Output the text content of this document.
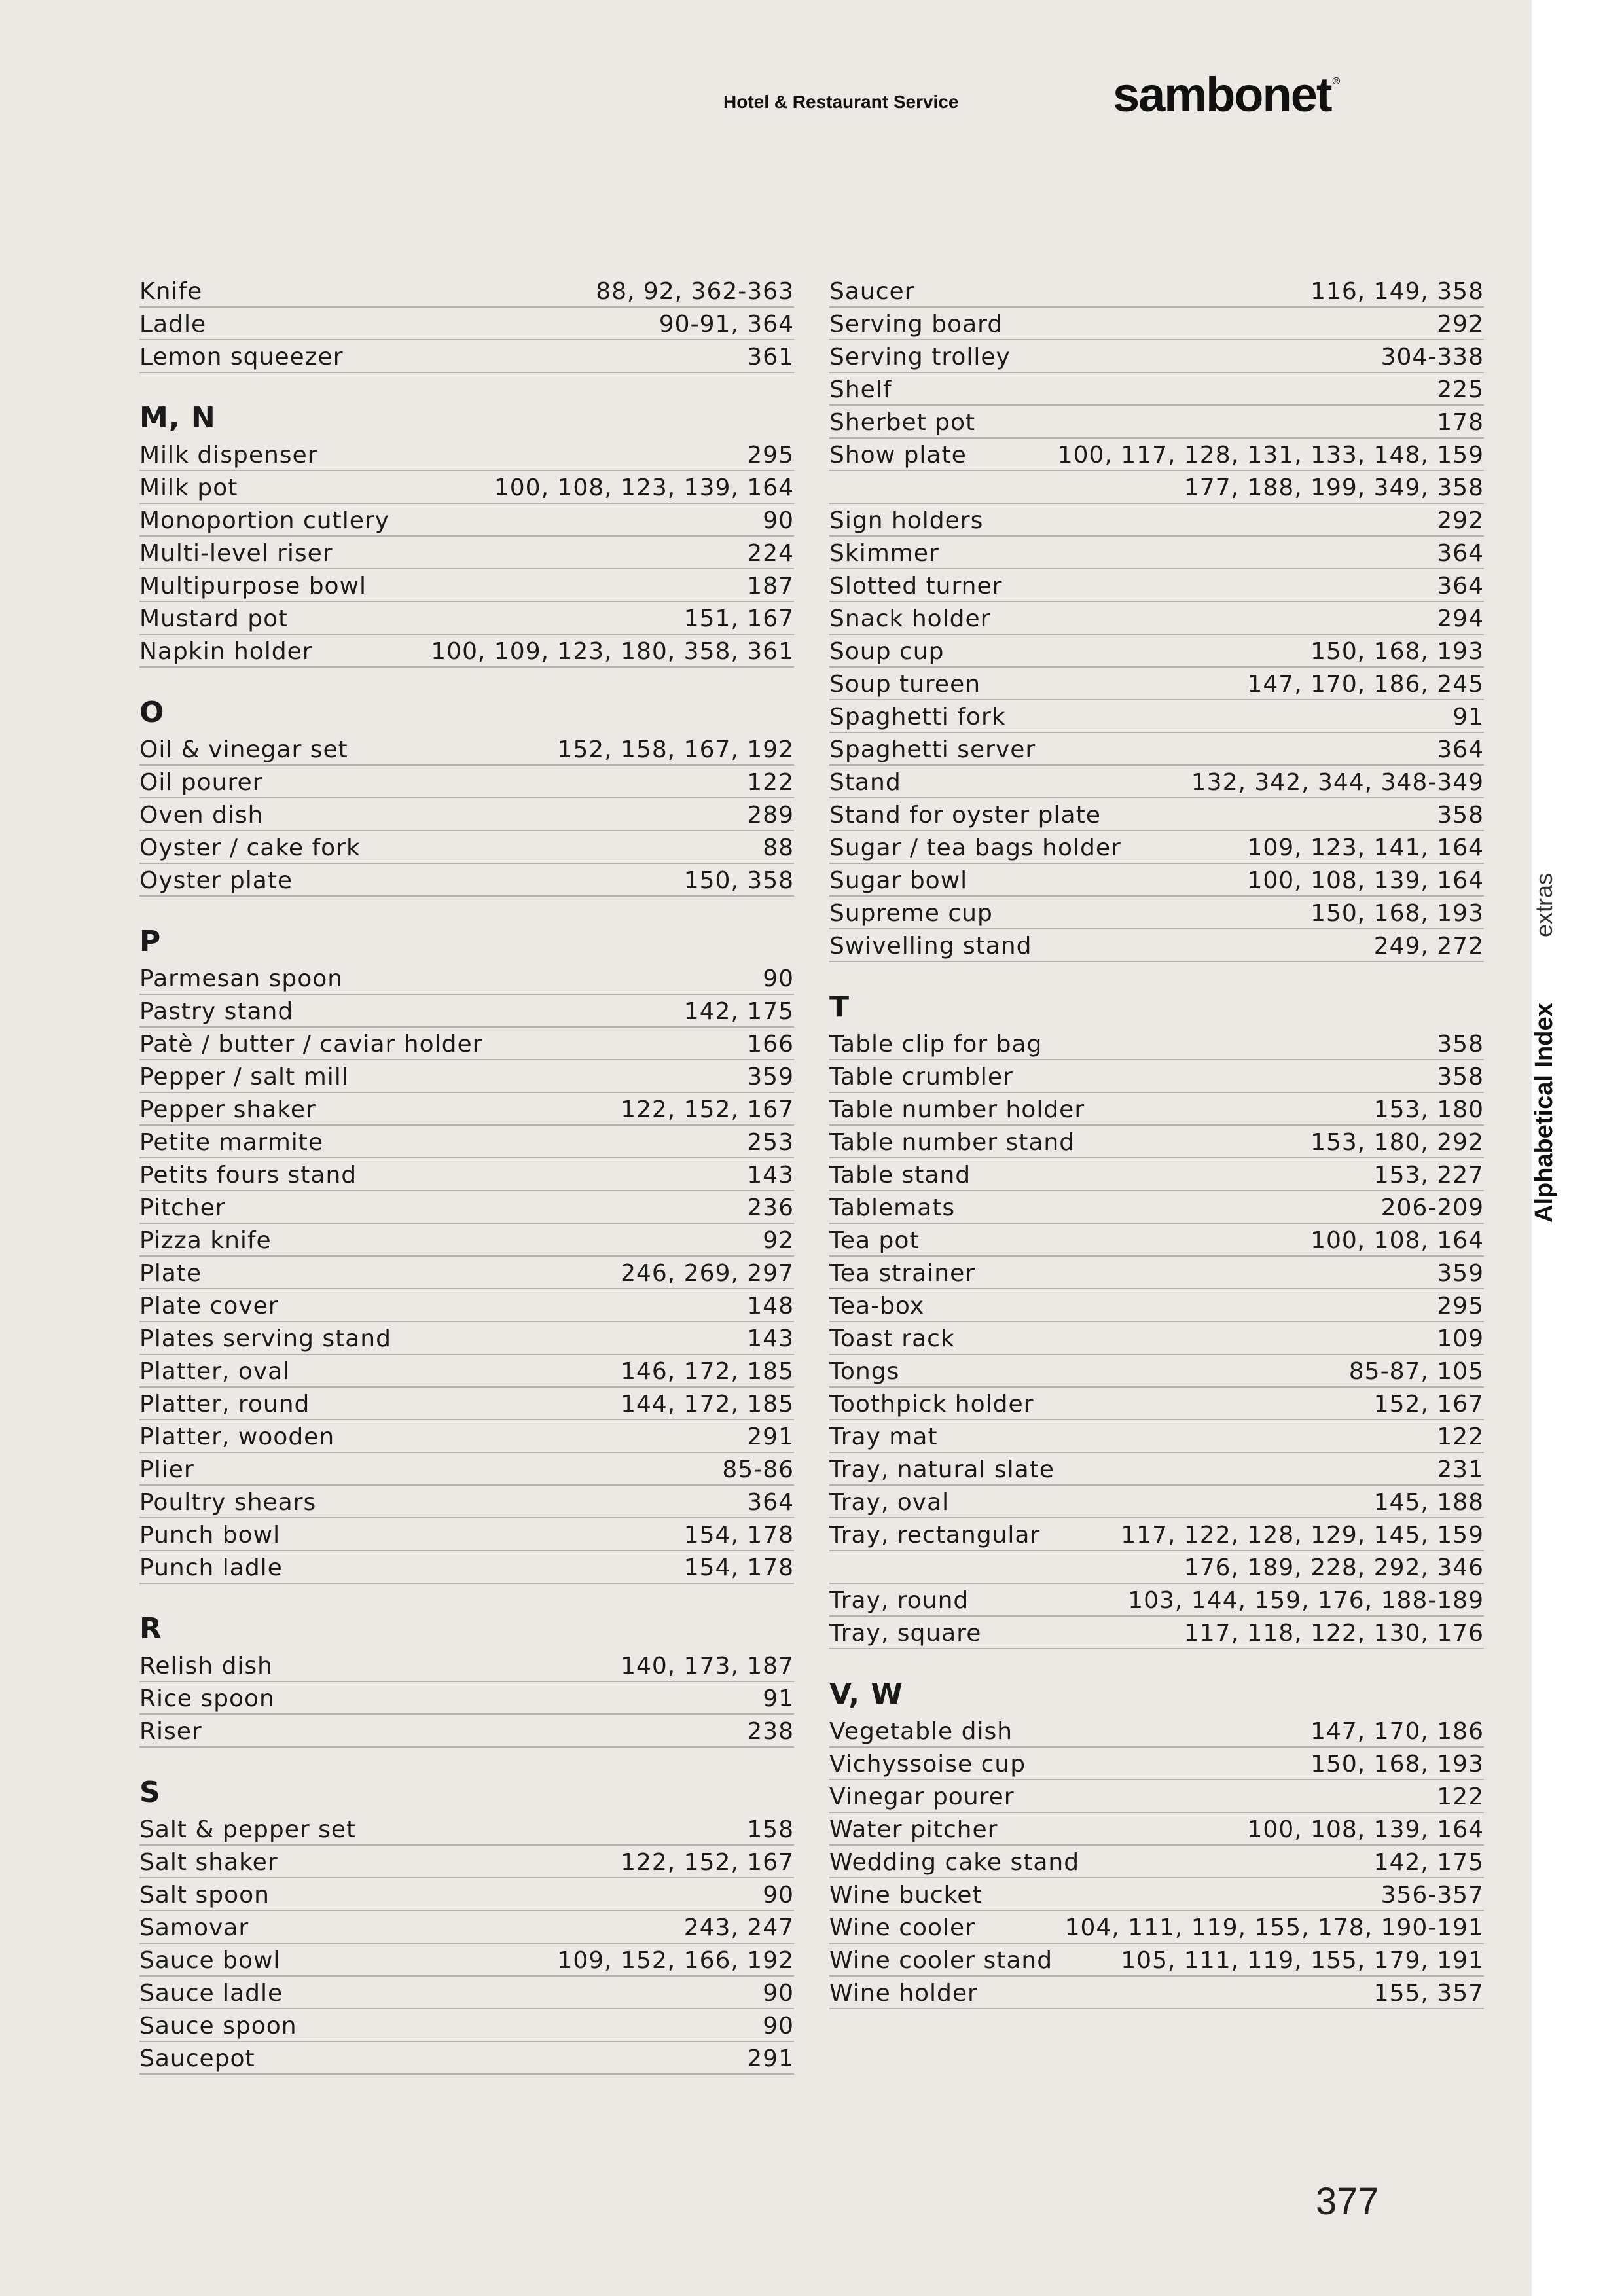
Hotel & Restaurant Service	sambonet ®
Knife	88, 92, 362-363
Ladle	90-91, 364
Lemon squeezer	361
M, N
Milk dispenser	295
Milk pot	100, 108, 123, 139, 164
Monoportion cutlery	90
Multi-level riser	224
Multipurpose bowl	187
Mustard pot	151, 167
Napkin holder	100, 109, 123, 180, 358, 361
O
Oil & vinegar set	152, 158, 167, 192
Oil pourer	122
Oven dish	289
Oyster / cake fork	88
Oyster plate	150, 358
P
Parmesan spoon	90
Pastry stand	142, 175
Patè / butter / caviar holder	166
Pepper / salt mill	359
Pepper shaker	122, 152, 167
Petite marmite	253
Petits fours stand	143
Pitcher	236
Pizza knife	92
Plate	246, 269, 297
Plate cover	148
Plates serving stand	143
Platter, oval	146, 172, 185
Platter, round	144, 172, 185
Platter, wooden	291
Plier	85-86
Poultry shears	364
Punch bowl	154, 178
Punch ladle	154, 178
R
Relish dish	140, 173, 187
Rice spoon	91
Riser	238
S
Salt & pepper set	158
Salt shaker	122, 152, 167
Salt spoon	90
Samovar	243, 247
Sauce bowl	109, 152, 166, 192
Sauce ladle	90
Sauce spoon	90
Saucepot	291
Saucer	116, 149, 358
Serving board	292
Serving trolley	304-338
Shelf	225
Sherbet pot	178
Show plate	100, 117, 128, 131, 133, 148, 159
177, 188, 199, 349, 358
Sign holders	292
Skimmer	364
Slotted turner	364
Snack holder	294
Soup cup	150, 168, 193
Soup tureen	147, 170, 186, 245
Spaghetti fork	91
Spaghetti server	364
Stand	132, 342, 344, 348-349
Stand for oyster plate	358
Sugar / tea bags holder	109, 123, 141, 164
Sugar bowl	100, 108, 139, 164
Supreme cup	150, 168, 193
Swivelling stand	249, 272
T
Table clip for bag	358
Table crumbler	358
Table number holder	153, 180
Table number stand	153, 180, 292
Table stand	153, 227
Tablemats	206-209
Tea pot	100, 108, 164
Tea strainer	359
Tea-box	295
Toast rack	109
Tongs	85-87, 105
Toothpick holder	152, 167
Tray mat	122
Tray, natural slate	231
Tray, oval	145, 188
Tray, rectangular	117, 122, 128, 129, 145, 159
176, 189, 228, 292, 346
Tray, round	103, 144, 159, 176, 188-189
Tray, square	117, 118, 122, 130, 176
V, W
Vegetable dish	147, 170, 186
Vichyssoise cup	150, 168, 193
Vinegar pourer	122
Water pitcher	100, 108, 139, 164
Wedding cake stand	142, 175
Wine bucket	356-357
Wine cooler	104, 111, 119, 155, 178, 190-191
Wine cooler stand	105, 111, 119, 155, 179, 191
Wine holder	155, 357
377
extras
Alphabetical Index
